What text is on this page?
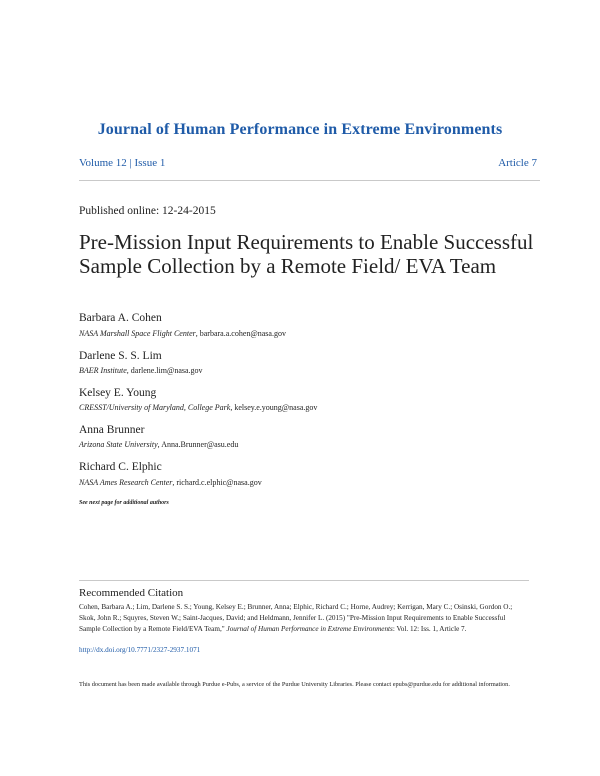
Journal of Human Performance in Extreme Environments
Volume 12 | Issue 1	Article 7
Published online: 12-24-2015
Pre-Mission Input Requirements to Enable Successful Sample Collection by a Remote Field/ EVA Team
Barbara A. Cohen
NASA Marshall Space Flight Center, barbara.a.cohen@nasa.gov
Darlene S. S. Lim
BAER Institute, darlene.lim@nasa.gov
Kelsey E. Young
CRESST/University of Maryland, College Park, kelsey.e.young@nasa.gov
Anna Brunner
Arizona State University, Anna.Brunner@asu.edu
Richard C. Elphic
NASA Ames Research Center, richard.c.elphic@nasa.gov
See next page for additional authors
Recommended Citation
Cohen, Barbara A.; Lim, Darlene S. S.; Young, Kelsey E.; Brunner, Anna; Elphic, Richard C.; Horne, Audrey; Kerrigan, Mary C.; Osinski, Gordon O.; Skok, John R.; Squyres, Steven W.; Saint-Jacques, David; and Heldmann, Jennifer L. (2015) "Pre-Mission Input Requirements to Enable Successful Sample Collection by a Remote Field/EVA Team," Journal of Human Performance in Extreme Environments: Vol. 12: Iss. 1, Article 7.
http://dx.doi.org/10.7771/2327-2937.1071
This document has been made available through Purdue e-Pubs, a service of the Purdue University Libraries. Please contact epubs@purdue.edu for additional information.
